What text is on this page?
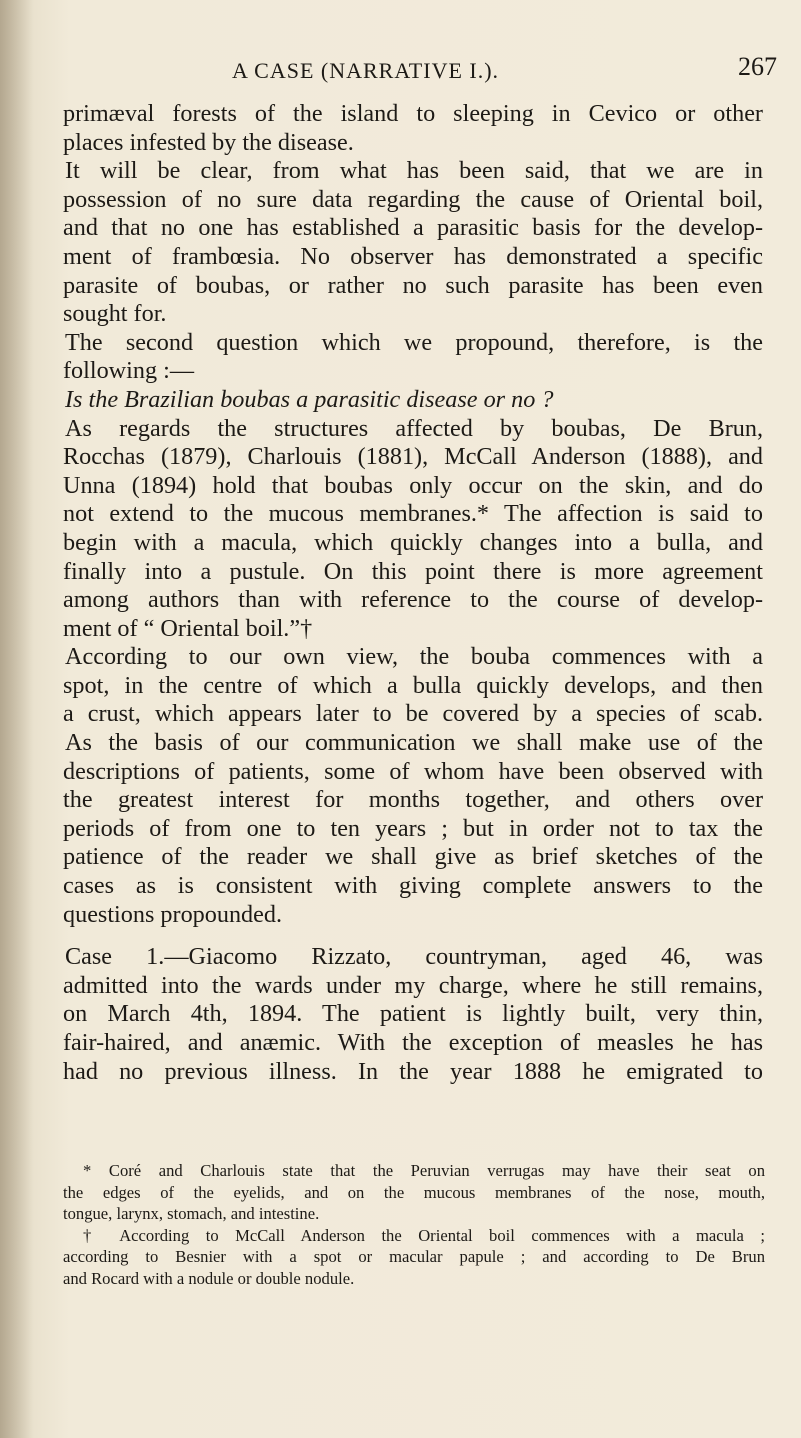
A CASE (NARRATIVE I.).	267
primæval forests of the island to sleeping in Cevico or other
places infested by the disease.
It will be clear, from what has been said, that we are in
possession of no sure data regarding the cause of Oriental boil,
and that no one has established a parasitic basis for the develop-
ment of frambœsia. No observer has demonstrated a specific
parasite of boubas, or rather no such parasite has been even
sought for.
The second question which we propound, therefore, is the
following :—
Is the Brazilian boubas a parasitic disease or no ?
As regards the structures affected by boubas, De Brun,
Rocchas (1879), Charlouis (1881), McCall Anderson (1888), and
Unna (1894) hold that boubas only occur on the skin, and do
not extend to the mucous membranes.* The affection is said to
begin with a macula, which quickly changes into a bulla, and
finally into a pustule. On this point there is more agreement
among authors than with reference to the course of develop-
ment of “ Oriental boil.”†
According to our own view, the bouba commences with a
spot, in the centre of which a bulla quickly develops, and then
a crust, which appears later to be covered by a species of scab.
As the basis of our communication we shall make use of the
descriptions of patients, some of whom have been observed with
the greatest interest for months together, and others over
periods of from one to ten years ; but in order not to tax the
patience of the reader we shall give as brief sketches of the
cases as is consistent with giving complete answers to the
questions propounded.
Case 1.—Giacomo Rizzato, countryman, aged 46, was
admitted into the wards under my charge, where he still remains,
on March 4th, 1894. The patient is lightly built, very thin,
fair-haired, and anæmic. With the exception of measles he has
had no previous illness. In the year 1888 he emigrated to
* Coré and Charlouis state that the Peruvian verrugas may have their seat on
the edges of the eyelids, and on the mucous membranes of the nose, mouth,
tongue, larynx, stomach, and intestine.
† According to McCall Anderson the Oriental boil commences with a macula ;
according to Besnier with a spot or macular papule ; and according to De Brun
and Rocard with a nodule or double nodule.
